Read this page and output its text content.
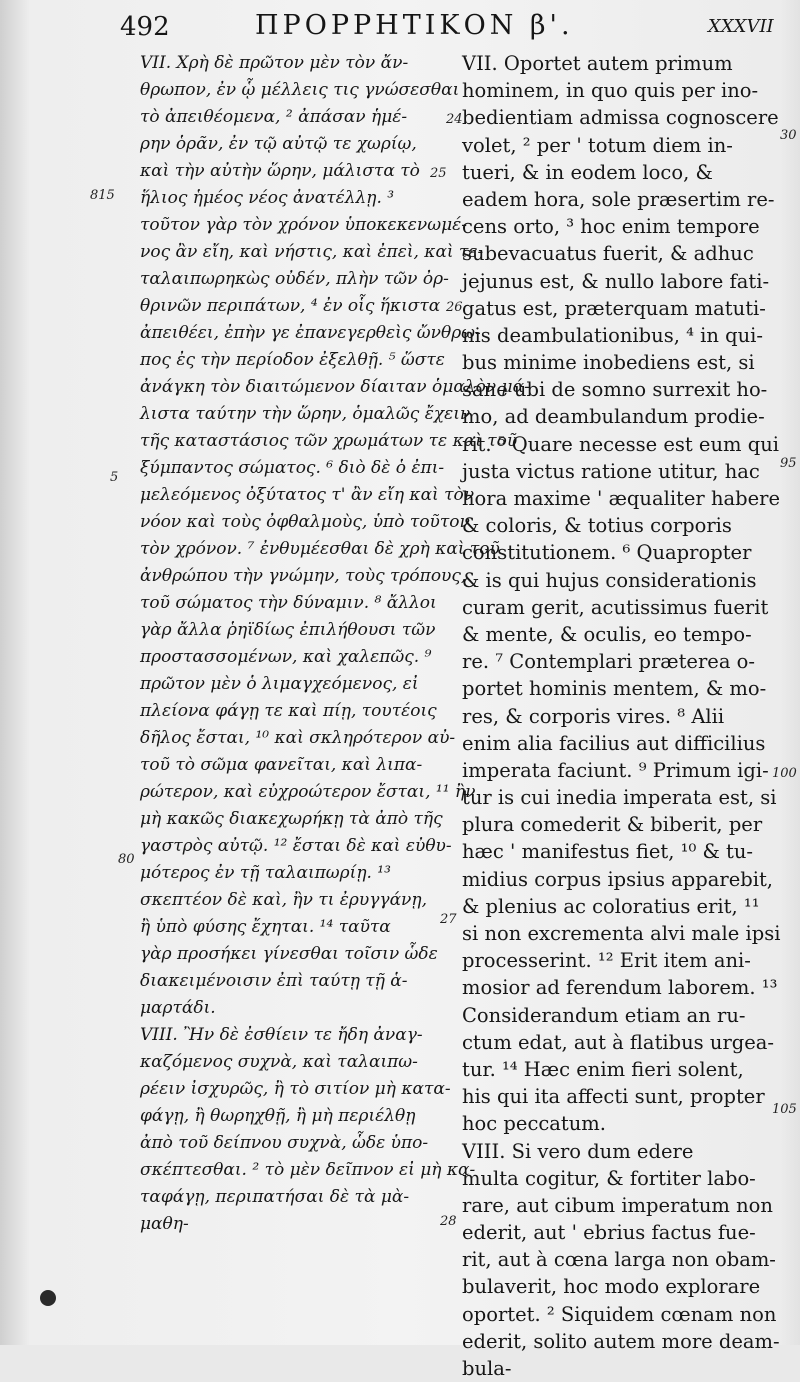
492	ΠΡΟΡΡΗΤΙΚΟΝ β'.	XXXVII
VII. Χρὴ δὲ πρῶτον μὲν τὸν ἄν-
θρωπον, ἐν ᾧ μέλλεις τις γνώσεσθαι
τὸ ἀπειθέομενα, ² ἀπάσαν ἡμέ-
ρην ὁρᾶν, ἐν τῷ αὐτῷ τε χωρίῳ,
καὶ τὴν αὐτὴν ὥρην, μάλιστα τὸ
ἥλιος ἡμέος νέος ἀνατέλλῃ. ³
τοῦτον γὰρ τὸν χρόνον ὑποκεκενωμέ-
νος ἂν εἴη, καὶ νήστις, καὶ ἐπεὶ, καὶ τε-
ταλαιπωρηκὼς οὐδέν, πλὴν τῶν ὀρ-
θρινῶν περιπάτων, ⁴ ἐν οἷς ἥκιστα
ἀπειθέει, ἐπὴν γε ἐπανεγερθεὶς ὤνθρω-
πος ἐς τὴν περίοδον ἐξελθῇ. ⁵ ὥστε
ἀνάγκη τὸν διαιτώμενον δίαιταν ὁμαλὸν μά-
λιστα ταύτην τὴν ὥρην, ὁμαλῶς ἔχειν
τῆς καταστάσιος τῶν χρωμάτων τε καὶ τοῦ
ξύμπαντος σώματος. ⁶ διὸ δὲ ὁ ἐπι-
μελεόμενος ὀξύτατος τ' ἂν εἴη καὶ τὸν
νόον καὶ τοὺς ὀφθαλμοὺς, ὑπὸ τοῦτον
τὸν χρόνον. ⁷ ἐνθυμέεσθαι δὲ χρὴ καὶ τοῦ
ἀνθρώπου τὴν γνώμην, τοὺς τρόπους,
τοῦ σώματος τὴν δύναμιν. ⁸ ἄλλοι
γὰρ ἄλλα ῥηϊδίως ἐπιλήθουσι τῶν
προστασσομένων, καὶ χαλεπῶς. ⁹
πρῶτον μὲν ὁ λιμαγχεόμενος, εἰ
πλείονα φάγῃ τε καὶ πίῃ, τουτέοις
δῆλος ἔσται, ¹⁰ καὶ σκληρότερον αὐ-
τοῦ τὸ σῶμα φανεῖται, καὶ λιπα-
ρώτερον, καὶ εὐχροώτερον ἔσται, ¹¹ ἢν
μὴ κακῶς διακεχωρήκῃ τὰ ἀπὸ τῆς
γαστρὸς αὐτῷ. ¹² ἔσται δὲ καὶ εὐθυ-
μότερος ἐν τῇ ταλαιπωρίῃ. ¹³
σκεπτέον δὲ καὶ, ἢν τι ἐρυγγάνῃ,
ἢ ὑπὸ φύσης ἔχηται. ¹⁴ ταῦτα
γὰρ προσήκει γίνεσθαι τοῖσιν ὧδε
διακειμένοισιν ἐπὶ ταύτῃ τῇ ἁ-
μαρτάδι.
VIII. Ἢν δὲ ἐσθίειν τε ἤδη ἀναγ-
καζόμενος συχνὰ, καὶ ταλαιπω-
ρέειν ἰσχυρῶς, ἢ τὸ σιτίον μὴ κατα-
φάγῃ, ἢ θωρηχθῇ, ἢ μὴ περιέλθῃ
ἀπὸ τοῦ δείπνου συχνὰ, ὧδε ὑπο-
σκέπτεσθαι. ² τὸ μὲν δεῖπνον εἰ μὴ κα-
ταφάγῃ, περιπατήσαι δὲ τὰ μὰ-
μαθη-
VII. Oportet autem primum
hominem, in quo quis per ino-
bedientiam admissa cognoscere
volet, ² per ' totum diem in-
tueri, & in eodem loco, &
eadem hora, sole præsertim re-
cens orto, ³ hoc enim tempore
subevacuatus fuerit, & adhuc
jejunus est, & nullo labore fati-
gatus est, præterquam matuti-
nis deambulationibus, ⁴ in qui-
bus minime inobediens est, si
sane ubi de somno surrexit ho-
mo, ad deambulandum prodie-
rit. ⁵ Quare necesse est eum qui
justa victus ratione utitur, hac
hora maxime ' æqualiter habere
& coloris, & totius corporis
constitutionem. ⁶ Quapropter
& is qui hujus considerationis
curam gerit, acutissimus fuerit
& mente, & oculis, eo tempo-
re. ⁷ Contemplari præterea o-
portet hominis mentem, & mo-
res, & corporis vires. ⁸ Alii
enim alia facilius aut difficilius
imperata faciunt. ⁹ Primum igi-
tur is cui inedia imperata est, si
plura comederit & biberit, per
hæc ' manifestus fiet, ¹⁰ & tu-
midius corpus ipsius apparebit,
& plenius ac coloratius erit, ¹¹
si non excrementa alvi male ipsi
processerint. ¹² Erit item ani-
mosior ad ferendum laborem. ¹³
Considerandum etiam an ru-
ctum edat, aut à flatibus urgea-
tur. ¹⁴ Hæc enim fieri solent,
his qui ita affecti sunt, propter
hoc peccatum.
VIII. Si vero dum edere
multa cogitur, & fortiter labo-
rare, aut cibum imperatum non
ederit, aut ' ebrius factus fue-
rit, aut à cœna larga non obam-
bulaverit, hoc modo explorare
oportet. ² Siquidem cœnam non
ederit, solito autem more deam-
bula-
815
5
80
24
25
26
27
28
30
95
100
105
